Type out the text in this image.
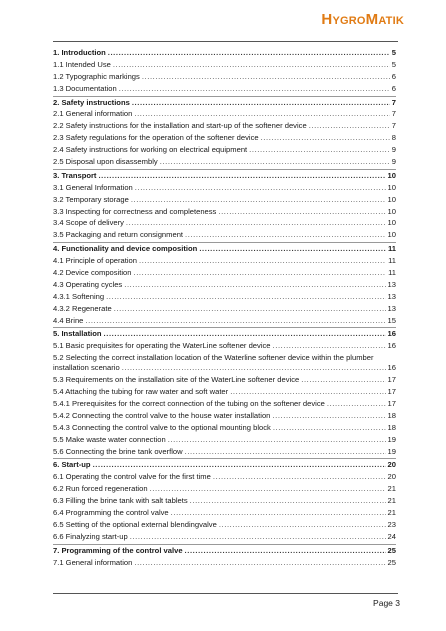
HYGROMATIK
1. Introduction .....	5
1.1 Intended Use .....	5
1.2 Typographic markings .....	6
1.3 Documentation .....	6
2. Safety instructions .....	7
2.1 General information .....	7
2.2 Safety instructions for the installation and start-up of the softener device .....	7
2.3 Safety regulations for the operation of the softener device .....	8
2.4 Safety instructions for working on electrical equipment .....	9
2.5 Disposal upon disassembly .....	9
3. Transport .....	10
3.1 General Information .....	10
3.2 Temporary storage .....	10
3.3 Inspecting for correctness and completeness .....	10
3.4 Scope of delivery .....	10
3.5 Packaging and return consignment .....	10
4. Functionality and device composition .....	11
4.1 Principle of operation .....	11
4.2 Device composition .....	11
4.3 Operating cycles .....	13
4.3.1 Softening .....	13
4.3.2 Regenerate .....	13
4.4 Brine .....	15
5. Installation .....	16
5.1 Basic prequisites for operating the WaterLine softener device .....	16
5.2 Selecting the correct installation location of the Waterline softener device within the plumber
installation scenario .....	16
5.3 Requirements on the installation site of the WaterLine softener device .....	17
5.4 Attaching the tubing for raw water and soft water .....	17
5.4.1 Prerequisites for the correct connection of the tubing on the softener device .....	17
5.4.2 Connecting the control valve to the house water installation .....	18
5.4.3 Connecting the control valve to the optional mounting block .....	18
5.5 Make waste water connection .....	19
5.6 Connecting the brine tank overflow .....	19
6. Start-up .....	20
6.1 Operating the control valve for the first time .....	20
6.2 Run forced regeneration .....	21
6.3 Filling the brine tank with salt tablets .....	21
6.4 Programming the control valve .....	21
6.5 Setting of the optional external blendingvalve .....	23
6.6 Finalyzing start-up .....	24
7. Programming of the control valve .....	25
7.1 General information .....	25
Page 3
